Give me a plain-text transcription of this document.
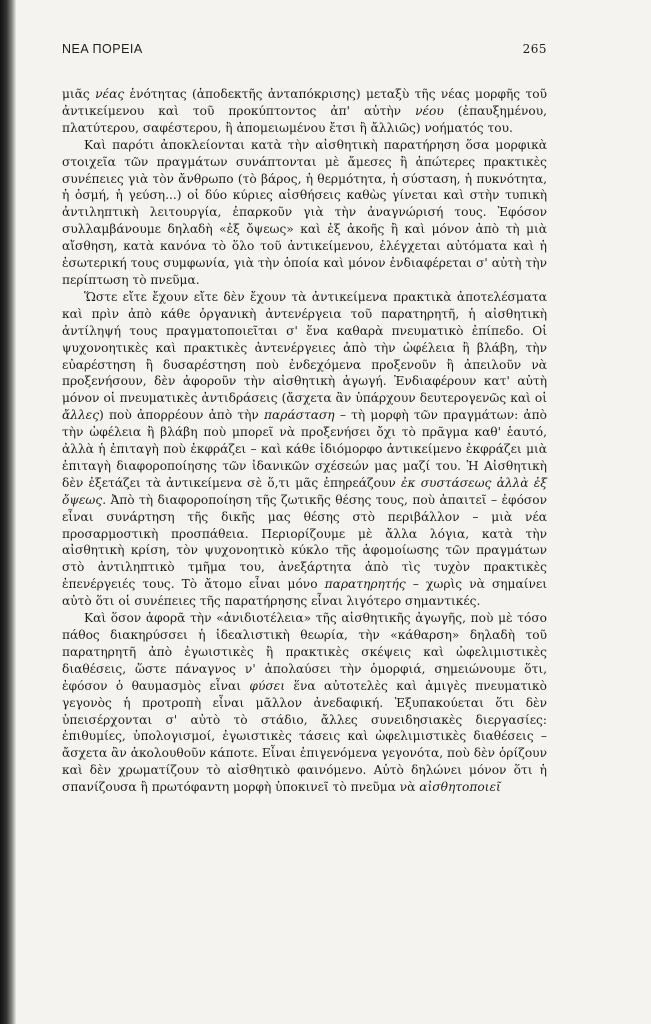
ΝΕΑ ΠΟΡΕΙΑ	265

μιᾶς νέας ἑνότητας (ἀποδεκτῆς ἀνταπόκρισης) μεταξὺ τῆς νέας μορφῆς τοῦ ἀντικείμενου καὶ τοῦ προκύπτοντος ἀπ' αὐτὴν νέου (ἐπαυξημένου, πλατύτερου, σαφέστερου, ἢ ἀπομειωμένου ἔτσι ἢ ἄλλιῶς) νοήματός του.

Καὶ παρότι ἀποκλείονται κατὰ τὴν αἰσθητικὴ παρατήρηση ὅσα μορφικὰ στοιχεῖα τῶν πραγμάτων συνάπτονται μὲ ἄμεσες ἢ ἀπώτερες πρακτικὲς συνέπειες γιὰ τὸν ἄνθρωπο (τὸ βάρος, ἡ θερμότητα, ἡ σύσταση, ἡ πυκνότητα, ἡ ὀσμή, ἡ γεύση...) οἱ δύο κύριες αἰσθήσεις καθὼς γίνεται καὶ στὴν τυπικὴ ἀντιληπτικὴ λειτουργία, ἐπαρκοῦν γιὰ τὴν ἀναγνώρισή τους. Ἐφόσον συλλαμβάνουμε δηλαδὴ «ἐξ ὄψεως» καὶ ἐξ ἀκοῆς ἢ καὶ μόνον ἀπὸ τὴ μιὰ αἴσθηση, κατὰ κανόνα τὸ ὅλο τοῦ ἀντικείμενου, ἐλέγχεται αὐτόματα καὶ ἡ ἐσωτερική τους συμφωνία, γιὰ τὴν ὁποία καὶ μόνον ἐνδιαφέρεται σ' αὐτὴ τὴν περίπτωση τὸ πνεῦμα.

Ὥστε εἴτε ἔχουν εἴτε δὲν ἔχουν τὰ ἀντικείμενα πρακτικὰ ἀποτελέσματα καὶ πρὶν ἀπὸ κάθε ὀργανικὴ ἀντενέργεια τοῦ παρατηρητῆ, ἡ αἰσθητικὴ ἀντίληψή τους πραγματοποιεῖται σ' ἕνα καθαρὰ πνευματικὸ ἐπίπεδο. Οἱ ψυχονοητικὲς καὶ πρακτικὲς ἀντενέργειες ἀπὸ τὴν ὠφέλεια ἢ βλάβη, τὴν εὐαρέστηση ἢ δυσαρέστηση ποὺ ἐνδεχόμενα προξενοῦν ἢ ἀπειλοῦν νὰ προξενήσουν, δὲν ἀφοροῦν τὴν αἰσθητικὴ ἀγωγή. Ἐνδιαφέρουν κατ' αὐτὴ μόνον οἱ πνευματικὲς ἀντιδράσεις (ἄσχετα ἂν ὑπάρχουν δευτερογενῶς καὶ οἱ ἄλλες) ποὺ ἀπορρέουν ἀπὸ τὴν παράσταση – τὴ μορφὴ τῶν πραγμάτων: ἀπὸ τὴν ὠφέλεια ἢ βλάβη ποὺ μπορεῖ νὰ προξενήσει ὄχι τὸ πρᾶγμα καθ' ἑαυτό, ἀλλὰ ἡ ἐπιταγὴ ποὺ ἐκφράζει – καὶ κάθε ἰδιόμορφο ἀντικείμενο ἐκφράζει μιὰ ἐπιταγὴ διαφοροποίησης τῶν ἰδανικῶν σχέσεών μας μαζί του. Ἡ Αἰσθητικὴ δὲν ἐξετάζει τὰ ἀντικείμενα σὲ ὅ,τι μᾶς ἐπηρεάζουν ἐκ συστάσεως ἀλλὰ ἐξ ὄψεως. Ἀπὸ τὴ διαφοροποίηση τῆς ζωτικῆς θέσης τους, ποὺ ἀπαιτεῖ – ἐφόσον εἶναι συνάρτηση τῆς δικῆς μας θέσης στὸ περιβάλλον – μιὰ νέα προσαρμοστικὴ προσπάθεια. Περιορίζουμε μὲ ἄλλα λόγια, κατὰ τὴν αἰσθητικὴ κρίση, τὸν ψυχονοητικὸ κύκλο τῆς ἀφομοίωσης τῶν πραγμάτων στὸ ἀντιληπτικὸ τμῆμα του, ἀνεξάρτητα ἀπὸ τὶς τυχὸν πρακτικὲς ἐπενέργειές τους. Τὸ ἄτομο εἶναι μόνο παρατηρητής – χωρὶς νὰ σημαίνει αὐτὸ ὅτι οἱ συνέπειες τῆς παρατήρησης εἶναι λιγότερο σημαντικές.

Καὶ ὅσον ἀφορᾶ τὴν «ἀνιδιοτέλεια» τῆς αἰσθητικῆς ἀγωγῆς, ποὺ μὲ τόσο πάθος διακηρύσσει ἡ ἰδεαλιστικὴ θεωρία, τὴν «κάθαρση» δηλαδὴ τοῦ παρατηρητῆ ἀπὸ ἐγωιστικὲς ἢ πρακτικὲς σκέψεις καὶ ὠφελιμιστικὲς διαθέσεις, ὥστε πάναγνος ν' ἀπολαύσει τὴν ὁμορφιά, σημειώνουμε ὅτι, ἐφόσον ὁ θαυμασμὸς εἶναι φύσει ἕνα αὐτοτελὲς καὶ ἀμιγὲς πνευματικὸ γεγονὸς ἡ προτροπὴ εἶναι μᾶλλον ἀνεδαφική. Ἐξυπακούεται ὅτι δὲν ὑπεισέρχονται σ' αὐτὸ τὸ στάδιο, ἄλλες συνειδησιακὲς διεργασίες: ἐπιθυμίες, ὑπολογισμοί, ἐγωιστικὲς τάσεις καὶ ὠφελιμιστικὲς διαθέσεις – ἄσχετα ἂν ἀκολουθοῦν κάποτε. Εἶναι ἐπιγενόμενα γεγονότα, ποὺ δὲν ὁρίζουν καὶ δὲν χρωματίζουν τὸ αἰσθητικὸ φαινόμενο. Αὐτὸ δηλώνει μόνον ὅτι ἡ σπανίζουσα ἢ πρωτόφαντη μορφὴ ὑποκινεῖ τὸ πνεῦμα νὰ αἰσθητοποιεῖ
